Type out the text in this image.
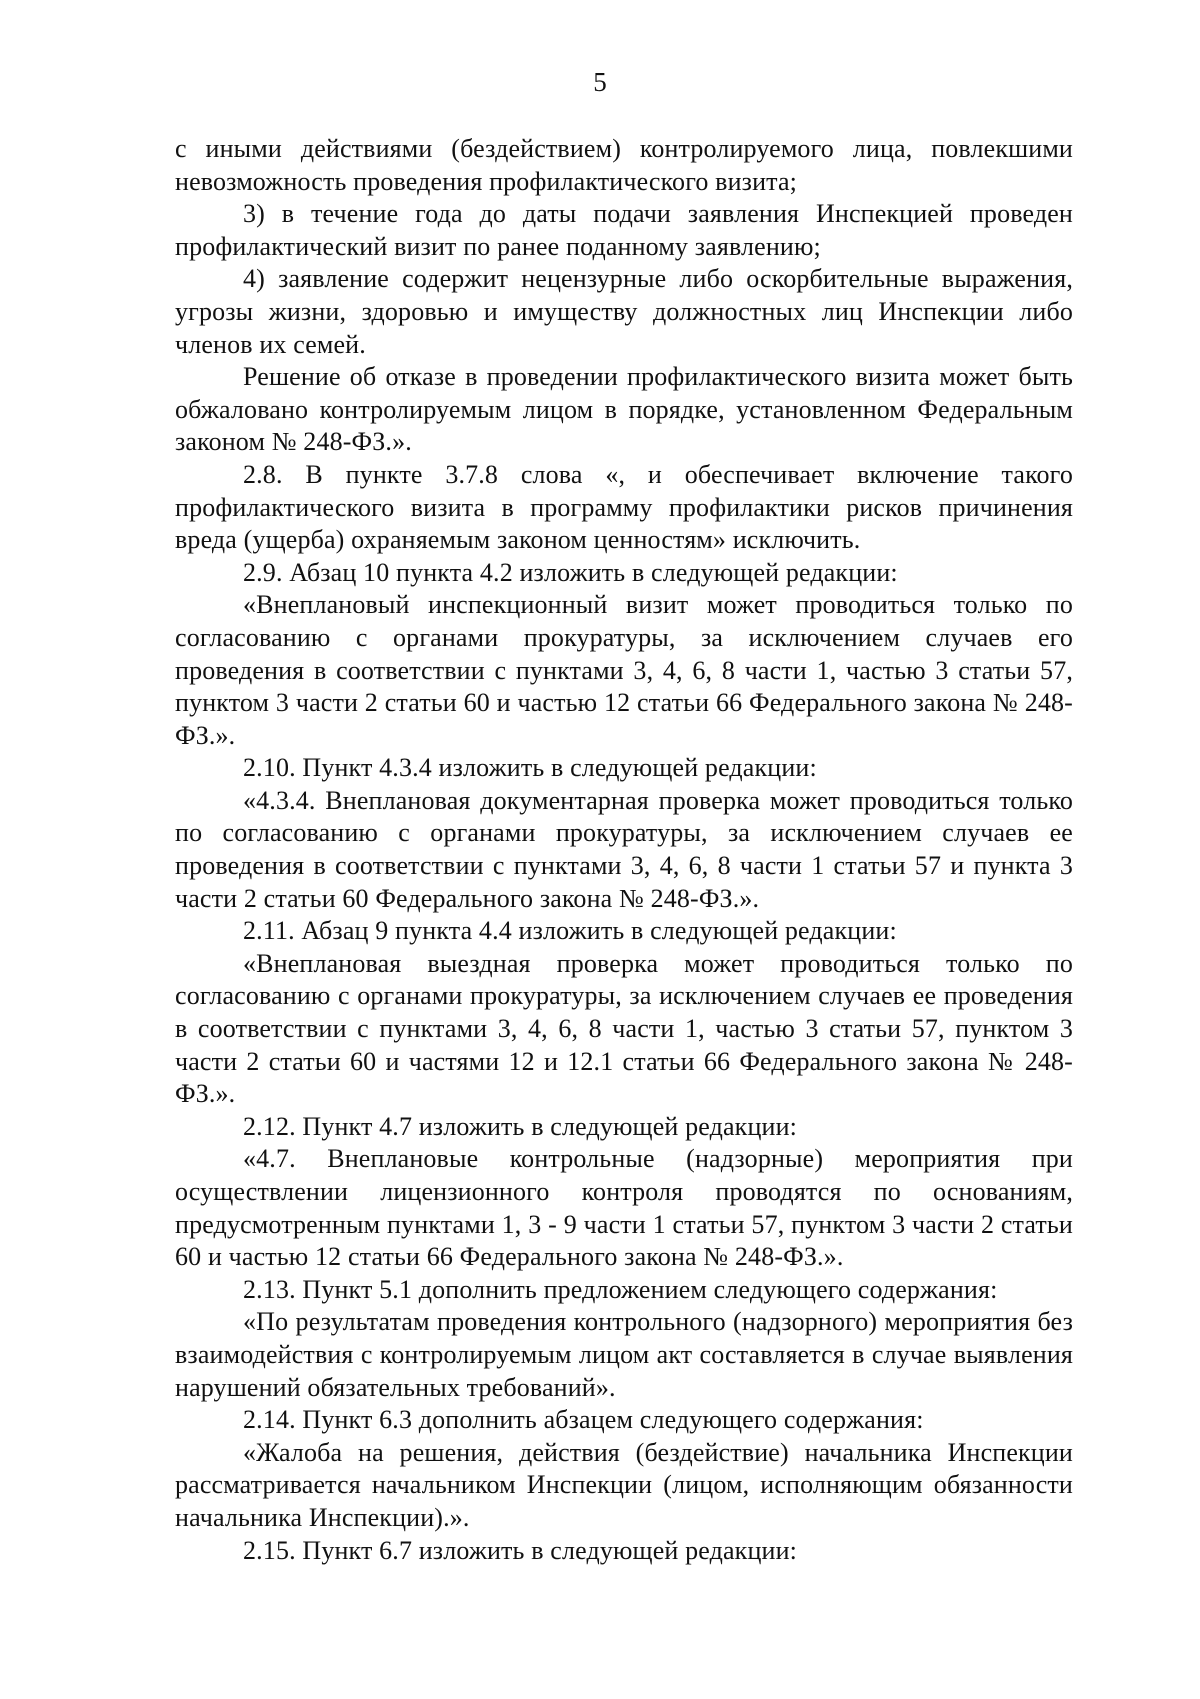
5

с иными действиями (бездействием) контролируемого лица, повлекшими невозможность проведения профилактического визита;

3) в течение года до даты подачи заявления Инспекцией проведен профилактический визит по ранее поданному заявлению;

4) заявление содержит нецензурные либо оскорбительные выражения, угрозы жизни, здоровью и имуществу должностных лиц Инспекции либо членов их семей.

Решение об отказе в проведении профилактического визита может быть обжаловано контролируемым лицом в порядке, установленном Федеральным законом № 248-ФЗ.».

2.8. В пункте 3.7.8 слова «, и обеспечивает включение такого профилактического визита в программу профилактики рисков причинения вреда (ущерба) охраняемым законом ценностям» исключить.

2.9. Абзац 10 пункта 4.2 изложить в следующей редакции:

«Внеплановый инспекционный визит может проводиться только по согласованию с органами прокуратуры, за исключением случаев его проведения в соответствии с пунктами 3, 4, 6, 8 части 1, частью 3 статьи 57, пунктом 3 части 2 статьи 60 и частью 12 статьи 66 Федерального закона № 248-ФЗ.».

2.10. Пункт 4.3.4 изложить в следующей редакции:

«4.3.4. Внеплановая документарная проверка может проводиться только по согласованию с органами прокуратуры, за исключением случаев ее проведения в соответствии с пунктами 3, 4, 6, 8 части 1 статьи 57 и пункта 3 части 2 статьи 60 Федерального закона № 248-ФЗ.».

2.11. Абзац 9 пункта 4.4 изложить в следующей редакции:

«Внеплановая выездная проверка может проводиться только по согласованию с органами прокуратуры, за исключением случаев ее проведения в соответствии с пунктами 3, 4, 6, 8 части 1, частью 3 статьи 57, пунктом 3 части 2 статьи 60 и частями 12 и 12.1 статьи 66 Федерального закона № 248-ФЗ.».

2.12. Пункт 4.7 изложить в следующей редакции:

«4.7. Внеплановые контрольные (надзорные) мероприятия при осуществлении лицензионного контроля проводятся по основаниям, предусмотренным пунктами 1, 3 - 9 части 1 статьи 57, пунктом 3 части 2 статьи 60 и частью 12 статьи 66 Федерального закона № 248-ФЗ.».

2.13. Пункт 5.1 дополнить предложением следующего содержания:

«По результатам проведения контрольного (надзорного) мероприятия без взаимодействия с контролируемым лицом акт составляется в случае выявления нарушений обязательных требований».

2.14. Пункт 6.3 дополнить абзацем следующего содержания:

«Жалоба на решения, действия (бездействие) начальника Инспекции рассматривается начальником Инспекции (лицом, исполняющим обязанности начальника Инспекции).».

2.15. Пункт 6.7 изложить в следующей редакции:
